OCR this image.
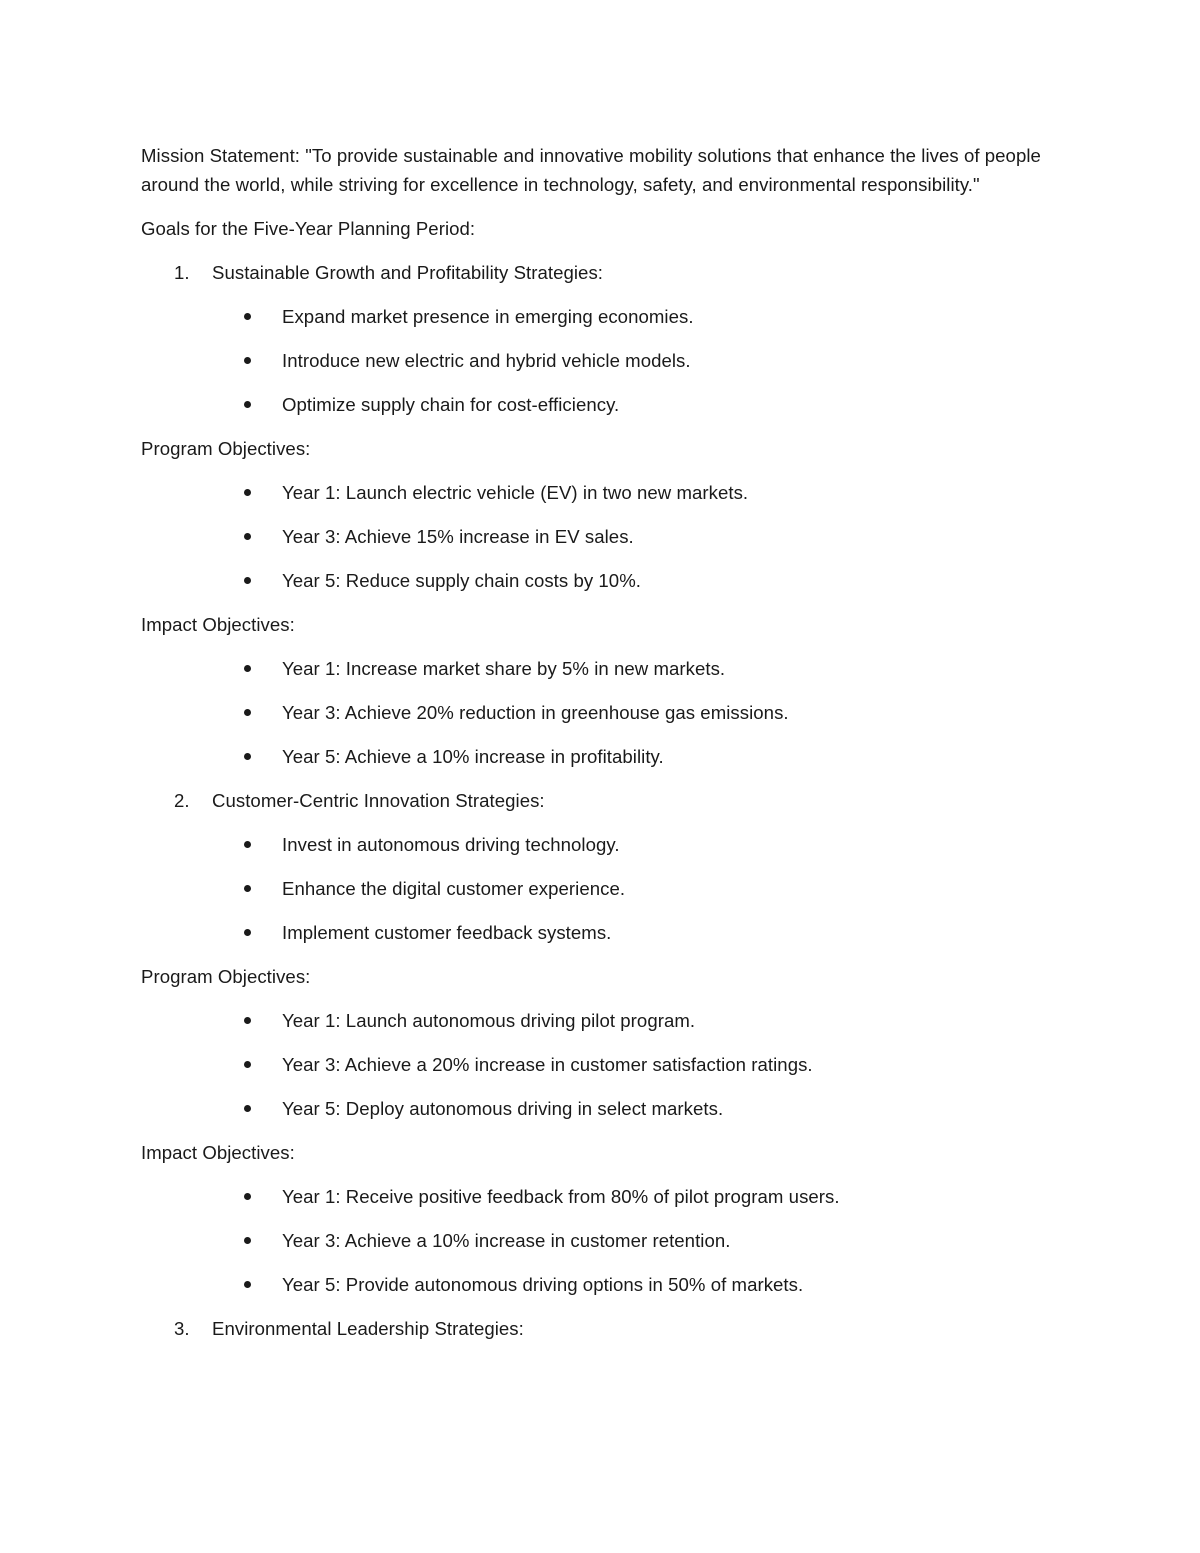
Mission Statement: "To provide sustainable and innovative mobility solutions that enhance the lives of people around the world, while striving for excellence in technology, safety, and environmental responsibility."

Goals for the Five-Year Planning Period:

1. Sustainable Growth and Profitability Strategies:
Expand market presence in emerging economies.
Introduce new electric and hybrid vehicle models.
Optimize supply chain for cost-efficiency.

Program Objectives:

Year 1: Launch electric vehicle (EV) in two new markets.
Year 3: Achieve 15% increase in EV sales.
Year 5: Reduce supply chain costs by 10%.

Impact Objectives:

Year 1: Increase market share by 5% in new markets.
Year 3: Achieve 20% reduction in greenhouse gas emissions.
Year 5: Achieve a 10% increase in profitability.
2. Customer-Centric Innovation Strategies:
Invest in autonomous driving technology.
Enhance the digital customer experience.
Implement customer feedback systems.

Program Objectives:

Year 1: Launch autonomous driving pilot program.
Year 3: Achieve a 20% increase in customer satisfaction ratings.
Year 5: Deploy autonomous driving in select markets.

Impact Objectives:

Year 1: Receive positive feedback from 80% of pilot program users.
Year 3: Achieve a 10% increase in customer retention.
Year 5: Provide autonomous driving options in 50% of markets.
3. Environmental Leadership Strategies:
